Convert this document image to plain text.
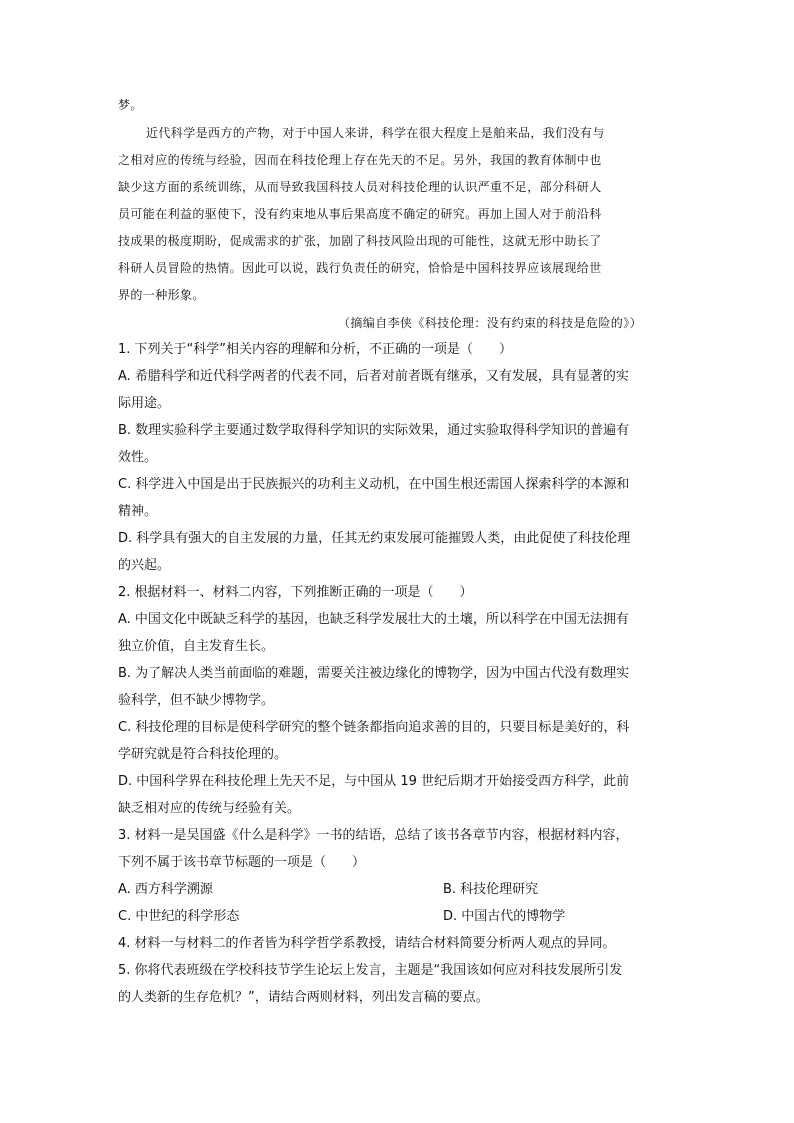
梦。
近代科学是西方的产物，对于中国人来讲，科学在很大程度上是舶来品，我们没有与
之相对应的传统与经验，因而在科技伦理上存在先天的不足。另外，我国的教育体制中也
缺少这方面的系统训练，从而导致我国科技人员对科技伦理的认识严重不足，部分科研人
员可能在利益的驱使下，没有约束地从事后果高度不确定的研究。再加上国人对于前沿科
技成果的极度期盼，促成需求的扩张，加剧了科技风险出现的可能性，这就无形中助长了
科研人员冒险的热情。因此可以说，践行负责任的研究，恰恰是中国科技界应该展现给世
界的一种形象。
（摘编自李侠《科技伦理：没有约束的科技是危险的》）
1. 下列关于“科学”相关内容的理解和分析，不正确的一项是（　　）
A. 希腊科学和近代科学两者的代表不同，后者对前者既有继承，又有发展，具有显著的实
际用途。
B. 数理实验科学主要通过数学取得科学知识的实际效果，通过实验取得科学知识的普遍有
效性。
C. 科学进入中国是出于民族振兴的功利主义动机，在中国生根还需国人探索科学的本源和
精神。
D. 科学具有强大的自主发展的力量，任其无约束发展可能摧毁人类，由此促使了科技伦理
的兴起。
2. 根据材料一、材料二内容，下列推断正确的一项是（　　）
A. 中国文化中既缺乏科学的基因，也缺乏科学发展壮大的土壤，所以科学在中国无法拥有
独立价值，自主发育生长。
B. 为了解决人类当前面临的难题，需要关注被边缘化的博物学，因为中国古代没有数理实
验科学，但不缺少博物学。
C. 科技伦理的目标是使科学研究的整个链条都指向追求善的目的，只要目标是美好的，科
学研究就是符合科技伦理的。
D. 中国科学界在科技伦理上先天不足，与中国从 19 世纪后期才开始接受西方科学，此前
缺乏相对应的传统与经验有关。
3. 材料一是吴国盛《什么是科学》一书的结语，总结了该书各章节内容，根据材料内容，
下列不属于该书章节标题的一项是（　　）
A. 西方科学溯源	B. 科技伦理研究
C. 中世纪的科学形态	D. 中国古代的博物学
4. 材料一与材料二的作者皆为科学哲学系教授，请结合材料简要分析两人观点的异同。
5. 你将代表班级在学校科技节学生论坛上发言，主题是“我国该如何应对科技发展所引发
的人类新的生存危机？”，请结合两则材料，列出发言稿的要点。
